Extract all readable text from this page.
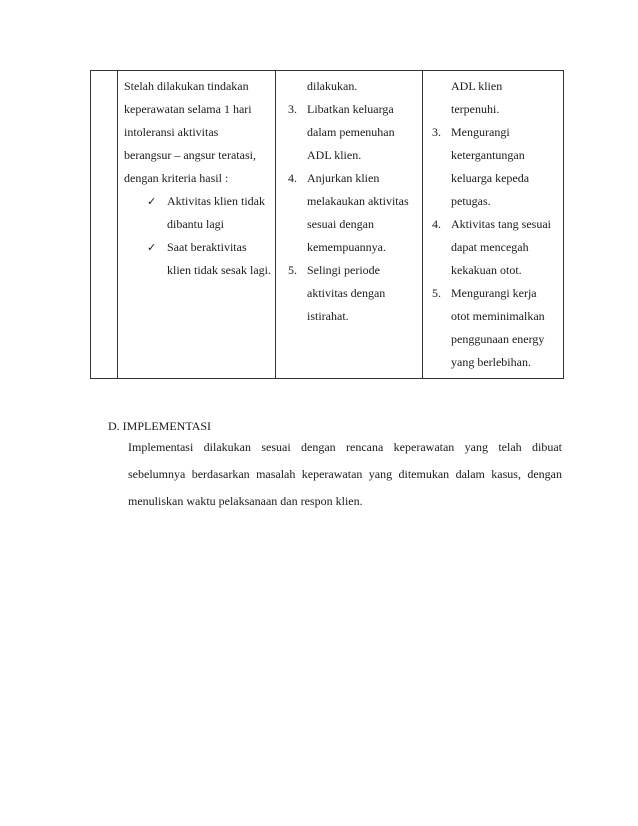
Stelah dilakukan tindakan
keperawatan selama 1 hari
intoleransi aktivitas
berangsur – angsur teratasi,
dengan kriteria hasil :
✓ Aktivitas klien tidak
dibantu lagi
✓ Saat beraktivitas
klien tidak sesak lagi.
dilakukan.
3. Libatkan keluarga
dalam pemenuhan
ADL klien.
4. Anjurkan klien
melakaukan aktivitas
sesuai dengan
kemempuannya.
5. Selingi periode
aktivitas dengan
istirahat.
ADL klien
terpenuhi.
3. Mengurangi
ketergantungan
keluarga kepeda
petugas.
4. Aktivitas tang sesuai
dapat mencegah
kekakuan otot.
5. Mengurangi kerja
otot meminimalkan
penggunaan energy
yang berlebihan.
D. IMPLEMENTASI
Implementasi dilakukan sesuai dengan rencana keperawatan yang telah dibuat
sebelumnya berdasarkan masalah keperawatan yang ditemukan dalam kasus, dengan
menuliskan waktu pelaksanaan dan respon klien.
